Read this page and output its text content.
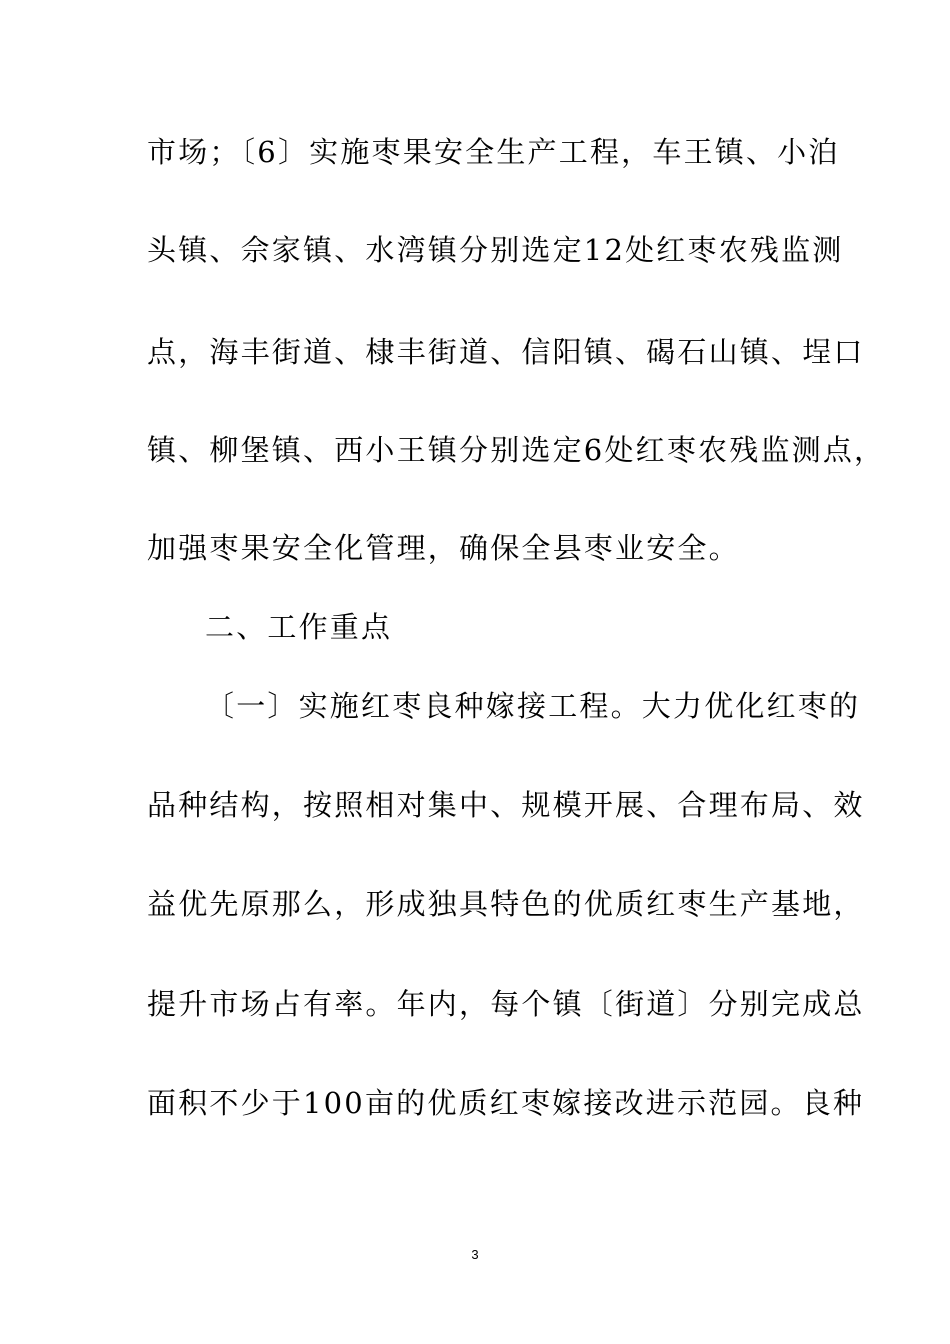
市场；〔6〕实施枣果安全生产工程，车王镇、小泊
头镇、佘家镇、水湾镇分别选定12处红枣农残监测
点，海丰街道、棣丰街道、信阳镇、碣石山镇、埕口
镇、柳堡镇、西小王镇分别选定6处红枣农残监测点，
加强枣果安全化管理，确保全县枣业安全。
二、工作重点
〔一〕实施红枣良种嫁接工程。大力优化红枣的
品种结构，按照相对集中、规模开展、合理布局、效
益优先原那么，形成独具特色的优质红枣生产基地，
提升市场占有率。年内，每个镇〔街道〕分别完成总
面积不少于100亩的优质红枣嫁接改进示范园。良种
3
